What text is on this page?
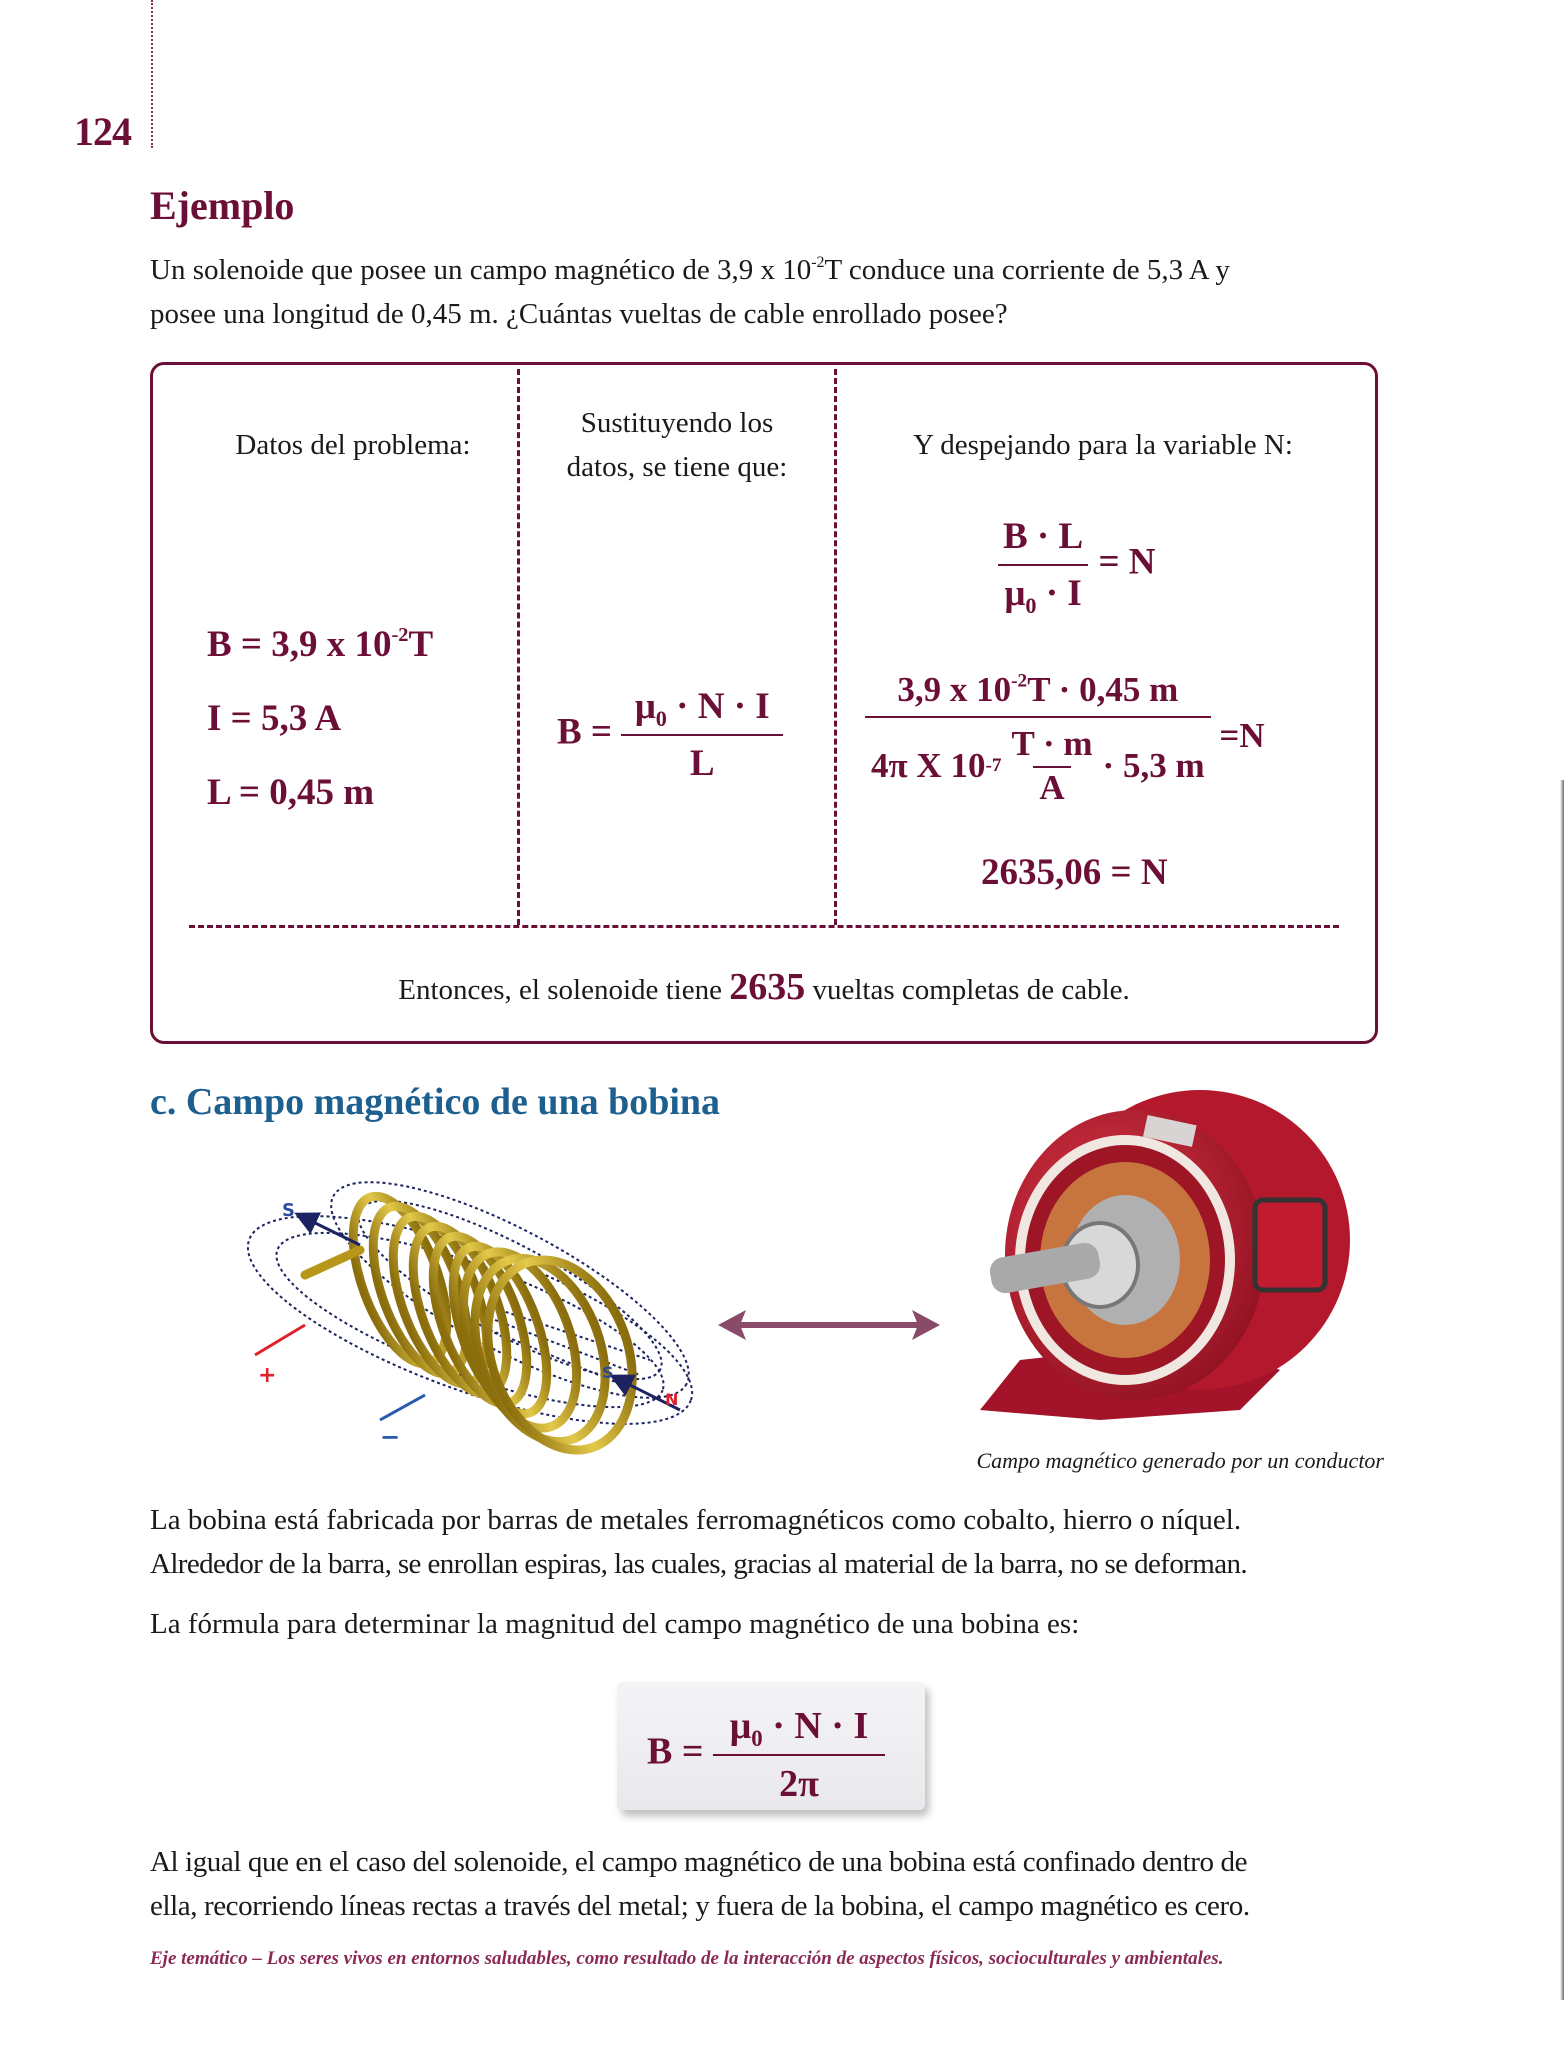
124
Ejemplo
Un solenoide que posee un campo magnético de 3,9 x $10^{-2}T$ conduce una corriente de 5,3 A y
posee una longitud de 0,45 m. ¿Cuántas vueltas de cable enrollado posee?
Datos del problema:
Sustituyendo los
datos, se tiene que:
Y despejando para la variable N:
B = 3,9 x $10^{-2}T$
I = 5,3 A
L = 0,45 m
$B = \frac{\mu_0 \cdot N \cdot I}{L}$
$\frac{B \cdot L}{\mu_0 \cdot I} = N$
3,9 x $10^{-2}T \cdot 0,45$ m
4π X 10 $-7 \frac{T \cdot m}{A} \cdot 5,3$ m
=N
2635,06 = N
Entonces, el solenoide tiene 2635 vueltas completas de cable.
c. Campo magnético de una bobina
+
S
−
N
S
Campo magnético generado por un conductor
La bobina está fabricada por barras de metales ferromagnéticos como cobalto, hierro o níquel.
Alrededor de la barra, se enrollan espiras, las cuales, gracias al material de la barra, no se deforman.
La fórmula para determinar la magnitud del campo magnético de una bobina es:
$B = \frac{\mu_0 \cdot N \cdot I}{2\pi}$
Al igual que en el caso del solenoide, el campo magnético de una bobina está confinado dentro de
ella, recorriendo líneas rectas a través del metal; y fuera de la bobina, el campo magnético es cero.
Eje temático – Los seres vivos en entornos saludables, como resultado de la interacción de aspectos físicos, socioculturales y ambientales.
